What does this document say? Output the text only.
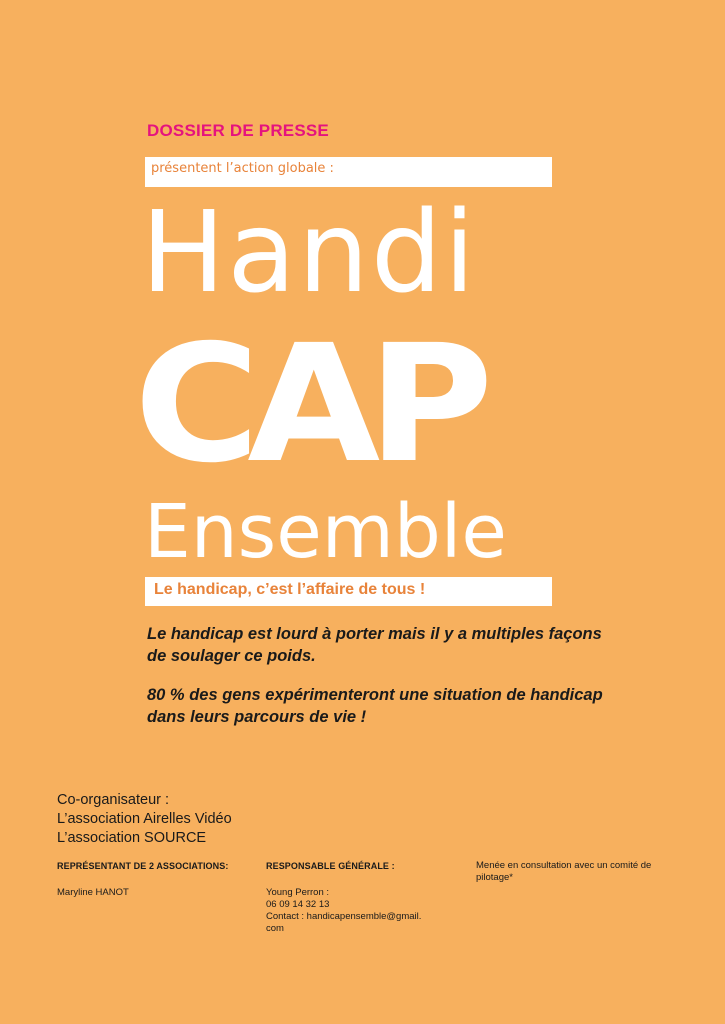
DOSSIER DE PRESSE
présentent l’action globale :
Handi
CAP
Ensemble
Le handicap, c’est l’affaire de tous !
Le handicap est lourd à porter mais il y a multiples façons de soulager ce poids.
80 % des gens expérimenteront une situation de handicap dans leurs parcours de vie !
Co-organisateur :
L’association Airelles Vidéo
L’association SOURCE
REPRÉSENTANT DE 2 ASSOCIATIONS:
Maryline HANOT
RESPONSABLE GÉNÉRALE :
Young Perron :
06 09 14 32 13
Contact : handicapensemble@gmail.
com
Menée en consultation avec un comité de pilotage*
